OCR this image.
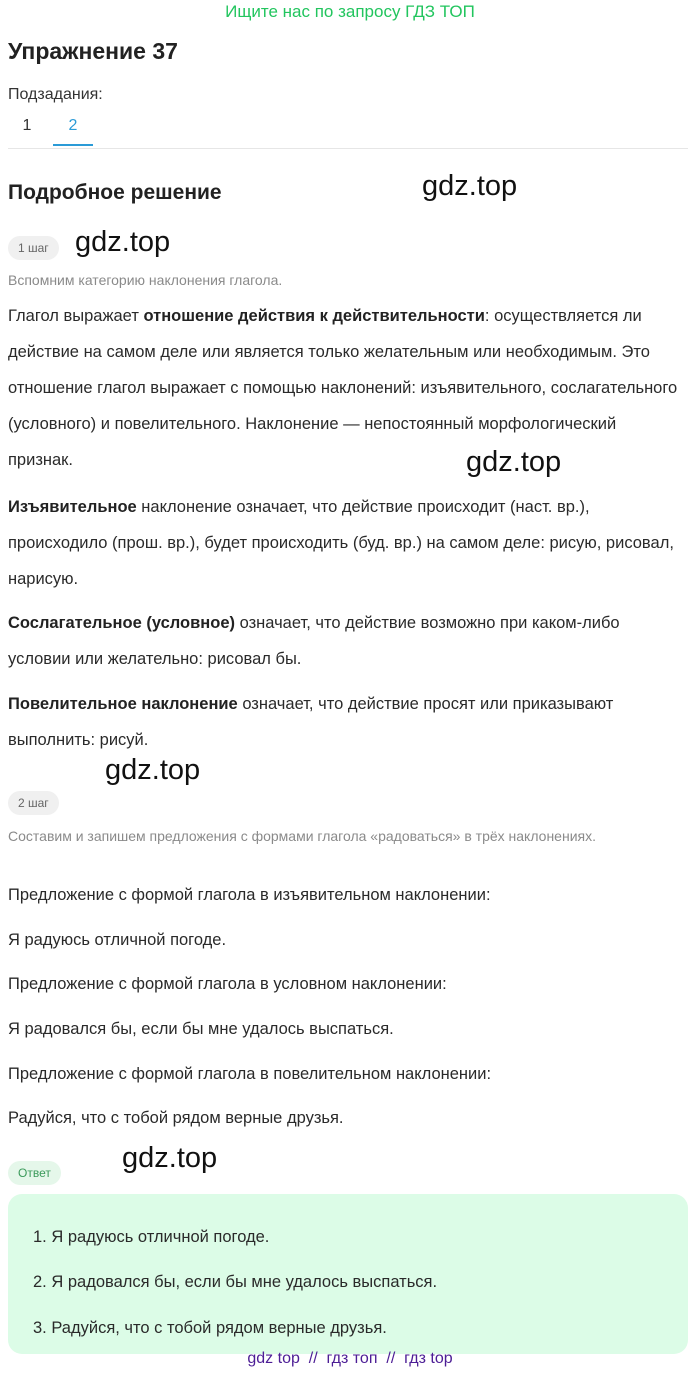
Ищите нас по запросу ГДЗ ТОП
Упражнение 37
Подзадания:
1	2
Подробное решение	gdz.top
gdz.top
gdz.top
gdz.top
gdz.top
1 шаг
Вспомним категорию наклонения глагола.
Глагол выражает отношение действия к действительности: осуществляется ли действие на самом деле или является только желательным или необходимым. Это отношение глагол выражает с помощью наклонений: изъявительного, сослагательного (условного) и повелительного. Наклонение — непостоянный морфологический признак.
Изъявительное наклонение означает, что действие происходит (наст. вр.), происходило (прош. вр.), будет происходить (буд. вр.) на самом деле: рисую, рисовал, нарисую.
Сослагательное (условное) означает, что действие возможно при каком-либо условии или желательно: рисовал бы.
Повелительное наклонение означает, что действие просят или приказывают выполнить: рисуй.
2 шаг
Составим и запишем предложения с формами глагола «радоваться» в трёх наклонениях.
Предложение с формой глагола в изъявительном наклонении:
Я радуюсь отличной погоде.
Предложение с формой глагола в условном наклонении:
Я радовался бы, если бы мне удалось выспаться.
Предложение с формой глагола в повелительном наклонении:
Радуйся, что с тобой рядом верные друзья.
Ответ
1. Я радуюсь отличной погоде.
2. Я радовался бы, если бы мне удалось выспаться.
3. Радуйся, что с тобой рядом верные друзья.
gdz top  //  гдз топ  //  гдз top
